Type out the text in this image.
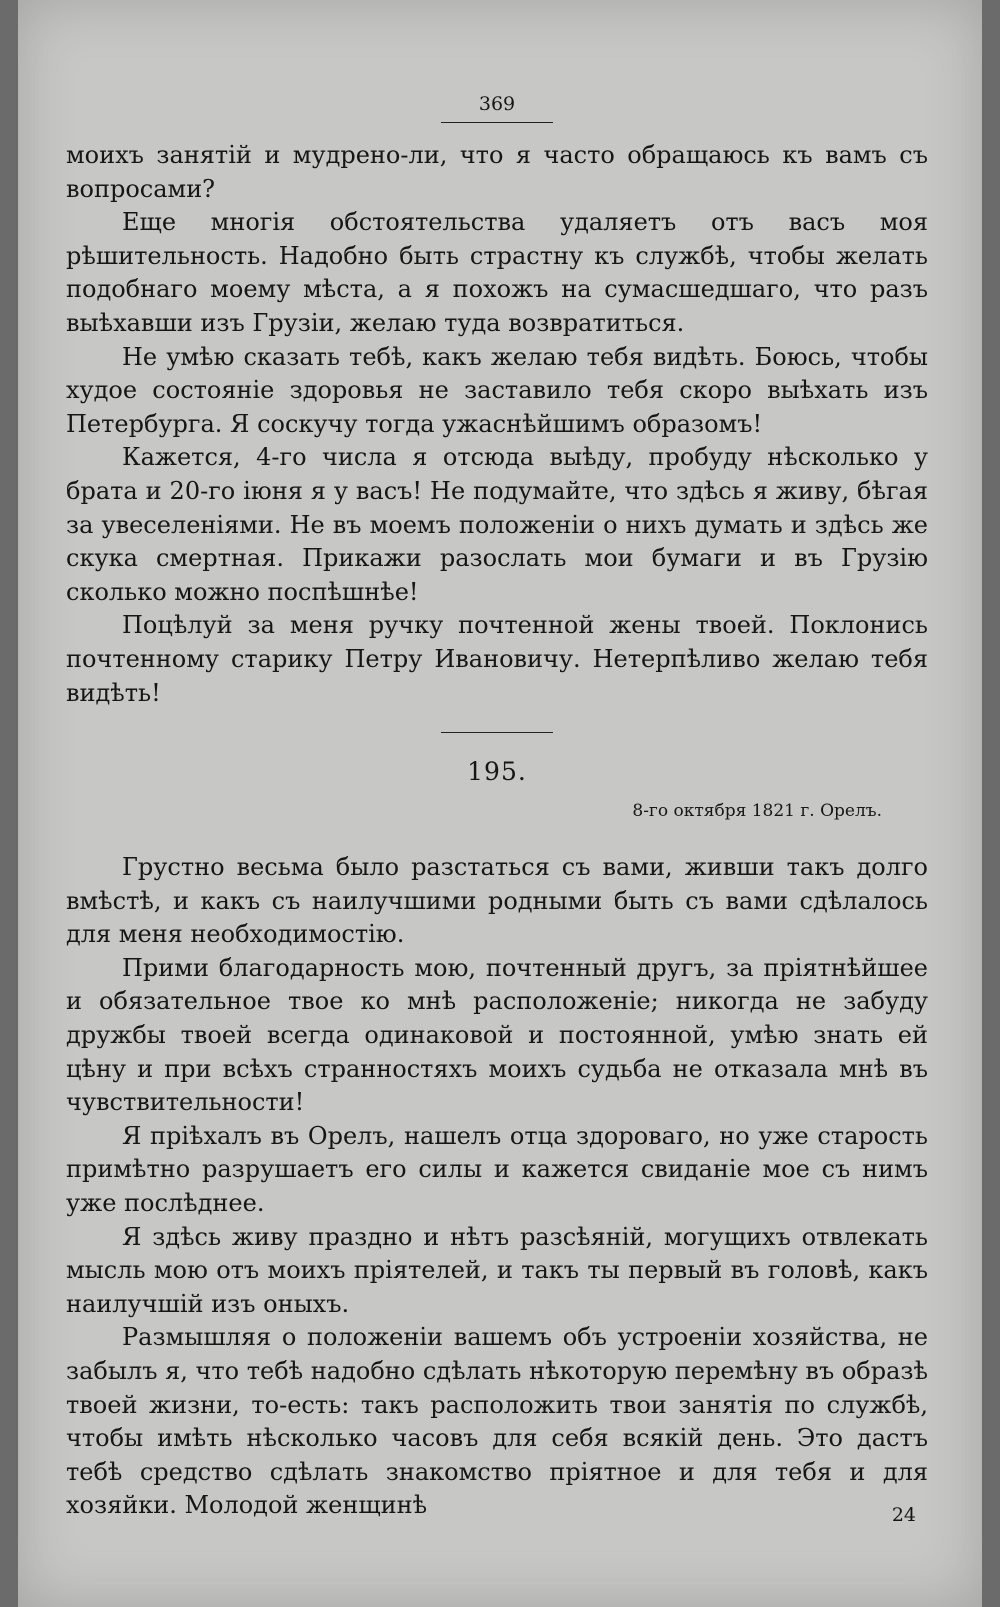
369

моихъ занятій и мудрено-ли, что я часто обращаюсь къ вамъ съ вопросами?

Еще многія обстоятельства удаляетъ отъ васъ моя рѣшительность. Надобно быть страстну къ службѣ, чтобы желать подобнаго моему мѣста, а я похожъ на сумасшедшаго, что разъ выѣхавши изъ Грузіи, желаю туда возвратиться.

Не умѣю сказать тебѣ, какъ желаю тебя видѣть. Боюсь, чтобы худое состояніе здоровья не заставило тебя скоро выѣхать изъ Петербурга. Я соскучу тогда ужаснѣйшимъ образомъ!

Кажется, 4-го числа я отсюда выѣду, пробуду нѣсколько у брата и 20-го іюня я у васъ! Не подумайте, что здѣсь я живу, бѣгая за увеселеніями. Не въ моемъ положеніи о нихъ думать и здѣсь же скука смертная. Прикажи разослать мои бумаги и въ Грузію сколько можно поспѣшнѣе!

Поцѣлуй за меня ручку почтенной жены твоей. Поклонись почтенному старику Петру Ивановичу. Нетерпѣливо желаю тебя видѣть!

195.
8-го октября 1821 г. Орелъ.

Грустно весьма было разстаться съ вами, живши такъ долго вмѣстѣ, и какъ съ наилучшими родными быть съ вами сдѣлалось для меня необходимостію.

Прими благодарность мою, почтенный другъ, за пріятнѣйшее и обязательное твое ко мнѣ расположеніе; никогда не забуду дружбы твоей всегда одинаковой и постоянной, умѣю знать ей цѣну и при всѣхъ странностяхъ моихъ судьба не отказала мнѣ въ чувствительности!

Я пріѣхалъ въ Орелъ, нашелъ отца здороваго, но уже старость примѣтно разрушаетъ его силы и кажется свиданіе мое съ нимъ уже послѣднее.

Я здѣсь живу праздно и нѣтъ разсѣяній, могущихъ отвлекать мысль мою отъ моихъ пріятелей, и такъ ты первый въ головѣ, какъ наилучшій изъ оныхъ.

Размышляя о положеніи вашемъ объ устроеніи хозяйства, не забылъ я, что тебѣ надобно сдѣлать нѣкоторую перемѣну въ образѣ твоей жизни, то-есть: такъ расположить твои занятія по службѣ, чтобы имѣть нѣсколько часовъ для себя всякій день. Это дастъ тебѣ средство сдѣлать знакомство пріятное и для тебя и для хозяйки. Молодой женщинѣ	24
